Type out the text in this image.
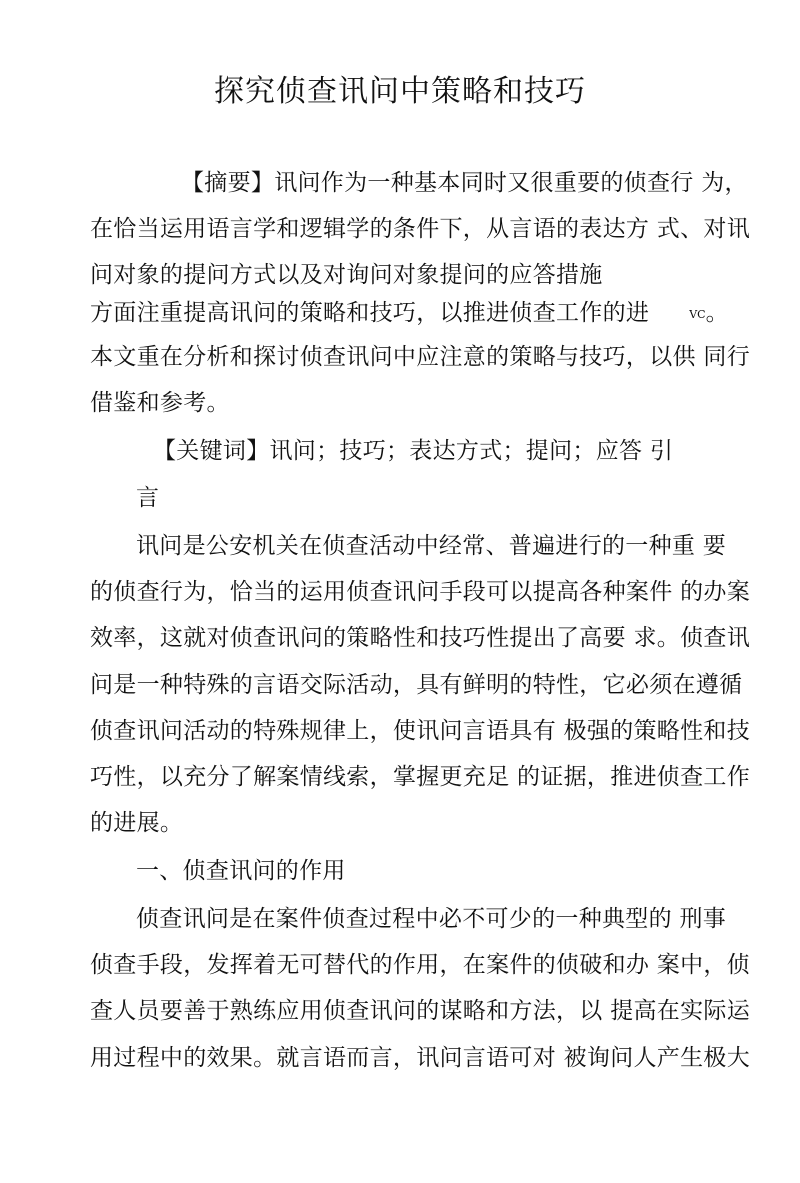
探究侦查讯问中策略和技巧
【摘要】讯问作为一种基本同时又很重要的侦查行 为，
在恰当运用语言学和逻辑学的条件下，从言语的表达方 式、对讯
问对象的提问方式以及对询问对象提问的应答措施
方面注重提高讯问的策略和技巧，以推进侦查工作的进	VC。
本文重在分析和探讨侦查讯问中应注意的策略与技巧，以供 同行
借鉴和参考。
【关键词】讯问；技巧；表达方式；提问；应答 引
言
讯问是公安机关在侦查活动中经常、普遍进行的一种重 要
的侦查行为，恰当的运用侦查讯问手段可以提高各种案件 的办案
效率，这就对侦查讯问的策略性和技巧性提出了高要 求。侦查讯
问是一种特殊的言语交际活动，具有鲜明的特性，它必须在遵循
侦查讯问活动的特殊规律上，使讯问言语具有 极强的策略性和技
巧性，以充分了解案情线索，掌握更充足 的证据，推进侦查工作
的进展。
一、侦查讯问的作用
侦查讯问是在案件侦查过程中必不可少的一种典型的 刑事
侦查手段，发挥着无可替代的作用，在案件的侦破和办 案中，侦
查人员要善于熟练应用侦查讯问的谋略和方法，以 提高在实际运
用过程中的效果。就言语而言，讯问言语可对 被询问人产生极大
